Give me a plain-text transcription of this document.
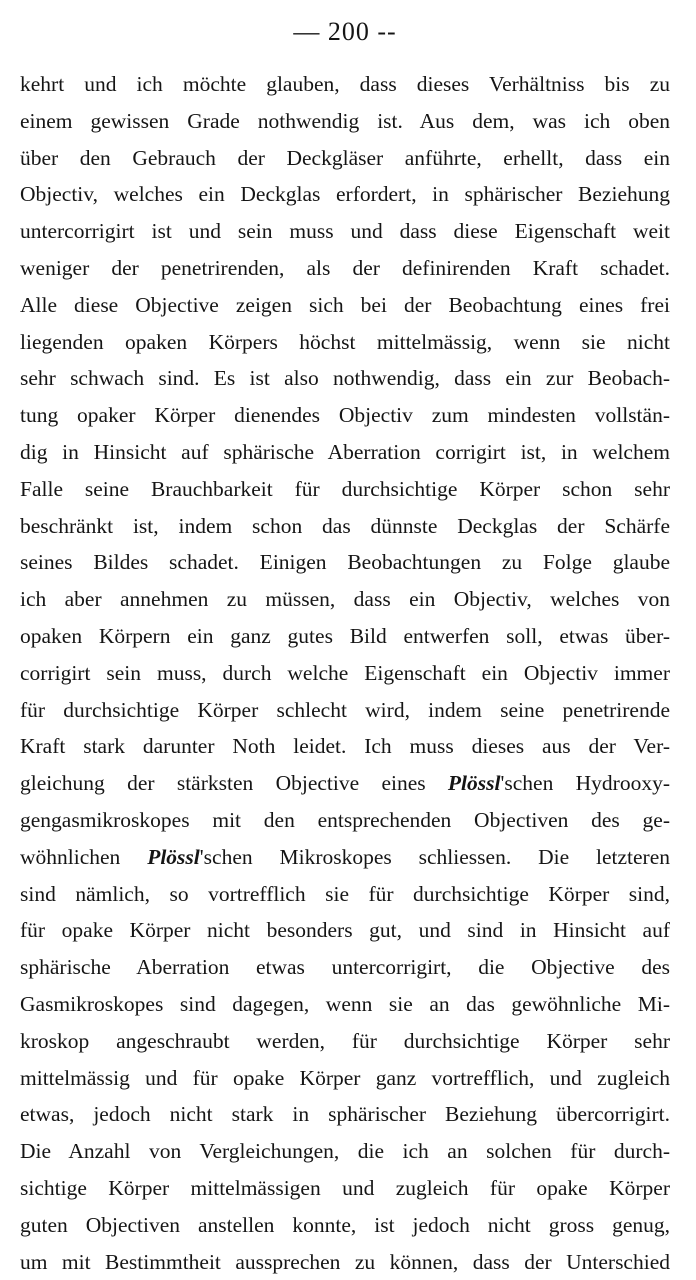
— 200 --
kehrt und ich möchte glauben, dass dieses Verhältniss bis zu
einem gewissen Grade nothwendig ist. Aus dem, was ich oben
über den Gebrauch der Deckgläser anführte, erhellt, dass ein
Objectiv, welches ein Deckglas erfordert, in sphärischer Beziehung
untercorrigirt ist und sein muss und dass diese Eigenschaft weit
weniger der penetrirenden, als der definirenden Kraft schadet.
Alle diese Objective zeigen sich bei der Beobachtung eines frei
liegenden opaken Körpers höchst mittelmässig, wenn sie nicht
sehr schwach sind. Es ist also nothwendig, dass ein zur Beobach-
tung opaker Körper dienendes Objectiv zum mindesten vollstän-
dig in Hinsicht auf sphärische Aberration corrigirt ist, in welchem
Falle seine Brauchbarkeit für durchsichtige Körper schon sehr
beschränkt ist, indem schon das dünnste Deckglas der Schärfe
seines Bildes schadet. Einigen Beobachtungen zu Folge glaube
ich aber annehmen zu müssen, dass ein Objectiv, welches von
opaken Körpern ein ganz gutes Bild entwerfen soll, etwas über-
corrigirt sein muss, durch welche Eigenschaft ein Objectiv immer
für durchsichtige Körper schlecht wird, indem seine penetrirende
Kraft stark darunter Noth leidet. Ich muss dieses aus der Ver-
gleichung der stärksten Objective eines Plössl'schen Hydrooxy-
gengasmikroskopes mit den entsprechenden Objectiven des ge-
wöhnlichen Plössl'schen Mikroskopes schliessen. Die letzteren
sind nämlich, so vortrefflich sie für durchsichtige Körper sind,
für opake Körper nicht besonders gut, und sind in Hinsicht auf
sphärische Aberration etwas untercorrigirt, die Objective des
Gasmikroskopes sind dagegen, wenn sie an das gewöhnliche Mi-
kroskop angeschraubt werden, für durchsichtige Körper sehr
mittelmässig und für opake Körper ganz vortrefflich, und zugleich
etwas, jedoch nicht stark in sphärischer Beziehung übercorrigirt.
Die Anzahl von Vergleichungen, die ich an solchen für durch-
sichtige Körper mittelmässigen und zugleich für opake Körper
guten Objectiven anstellen konnte, ist jedoch nicht gross genug,
um mit Bestimmtheit aussprechen zu können, dass der Unterschied
